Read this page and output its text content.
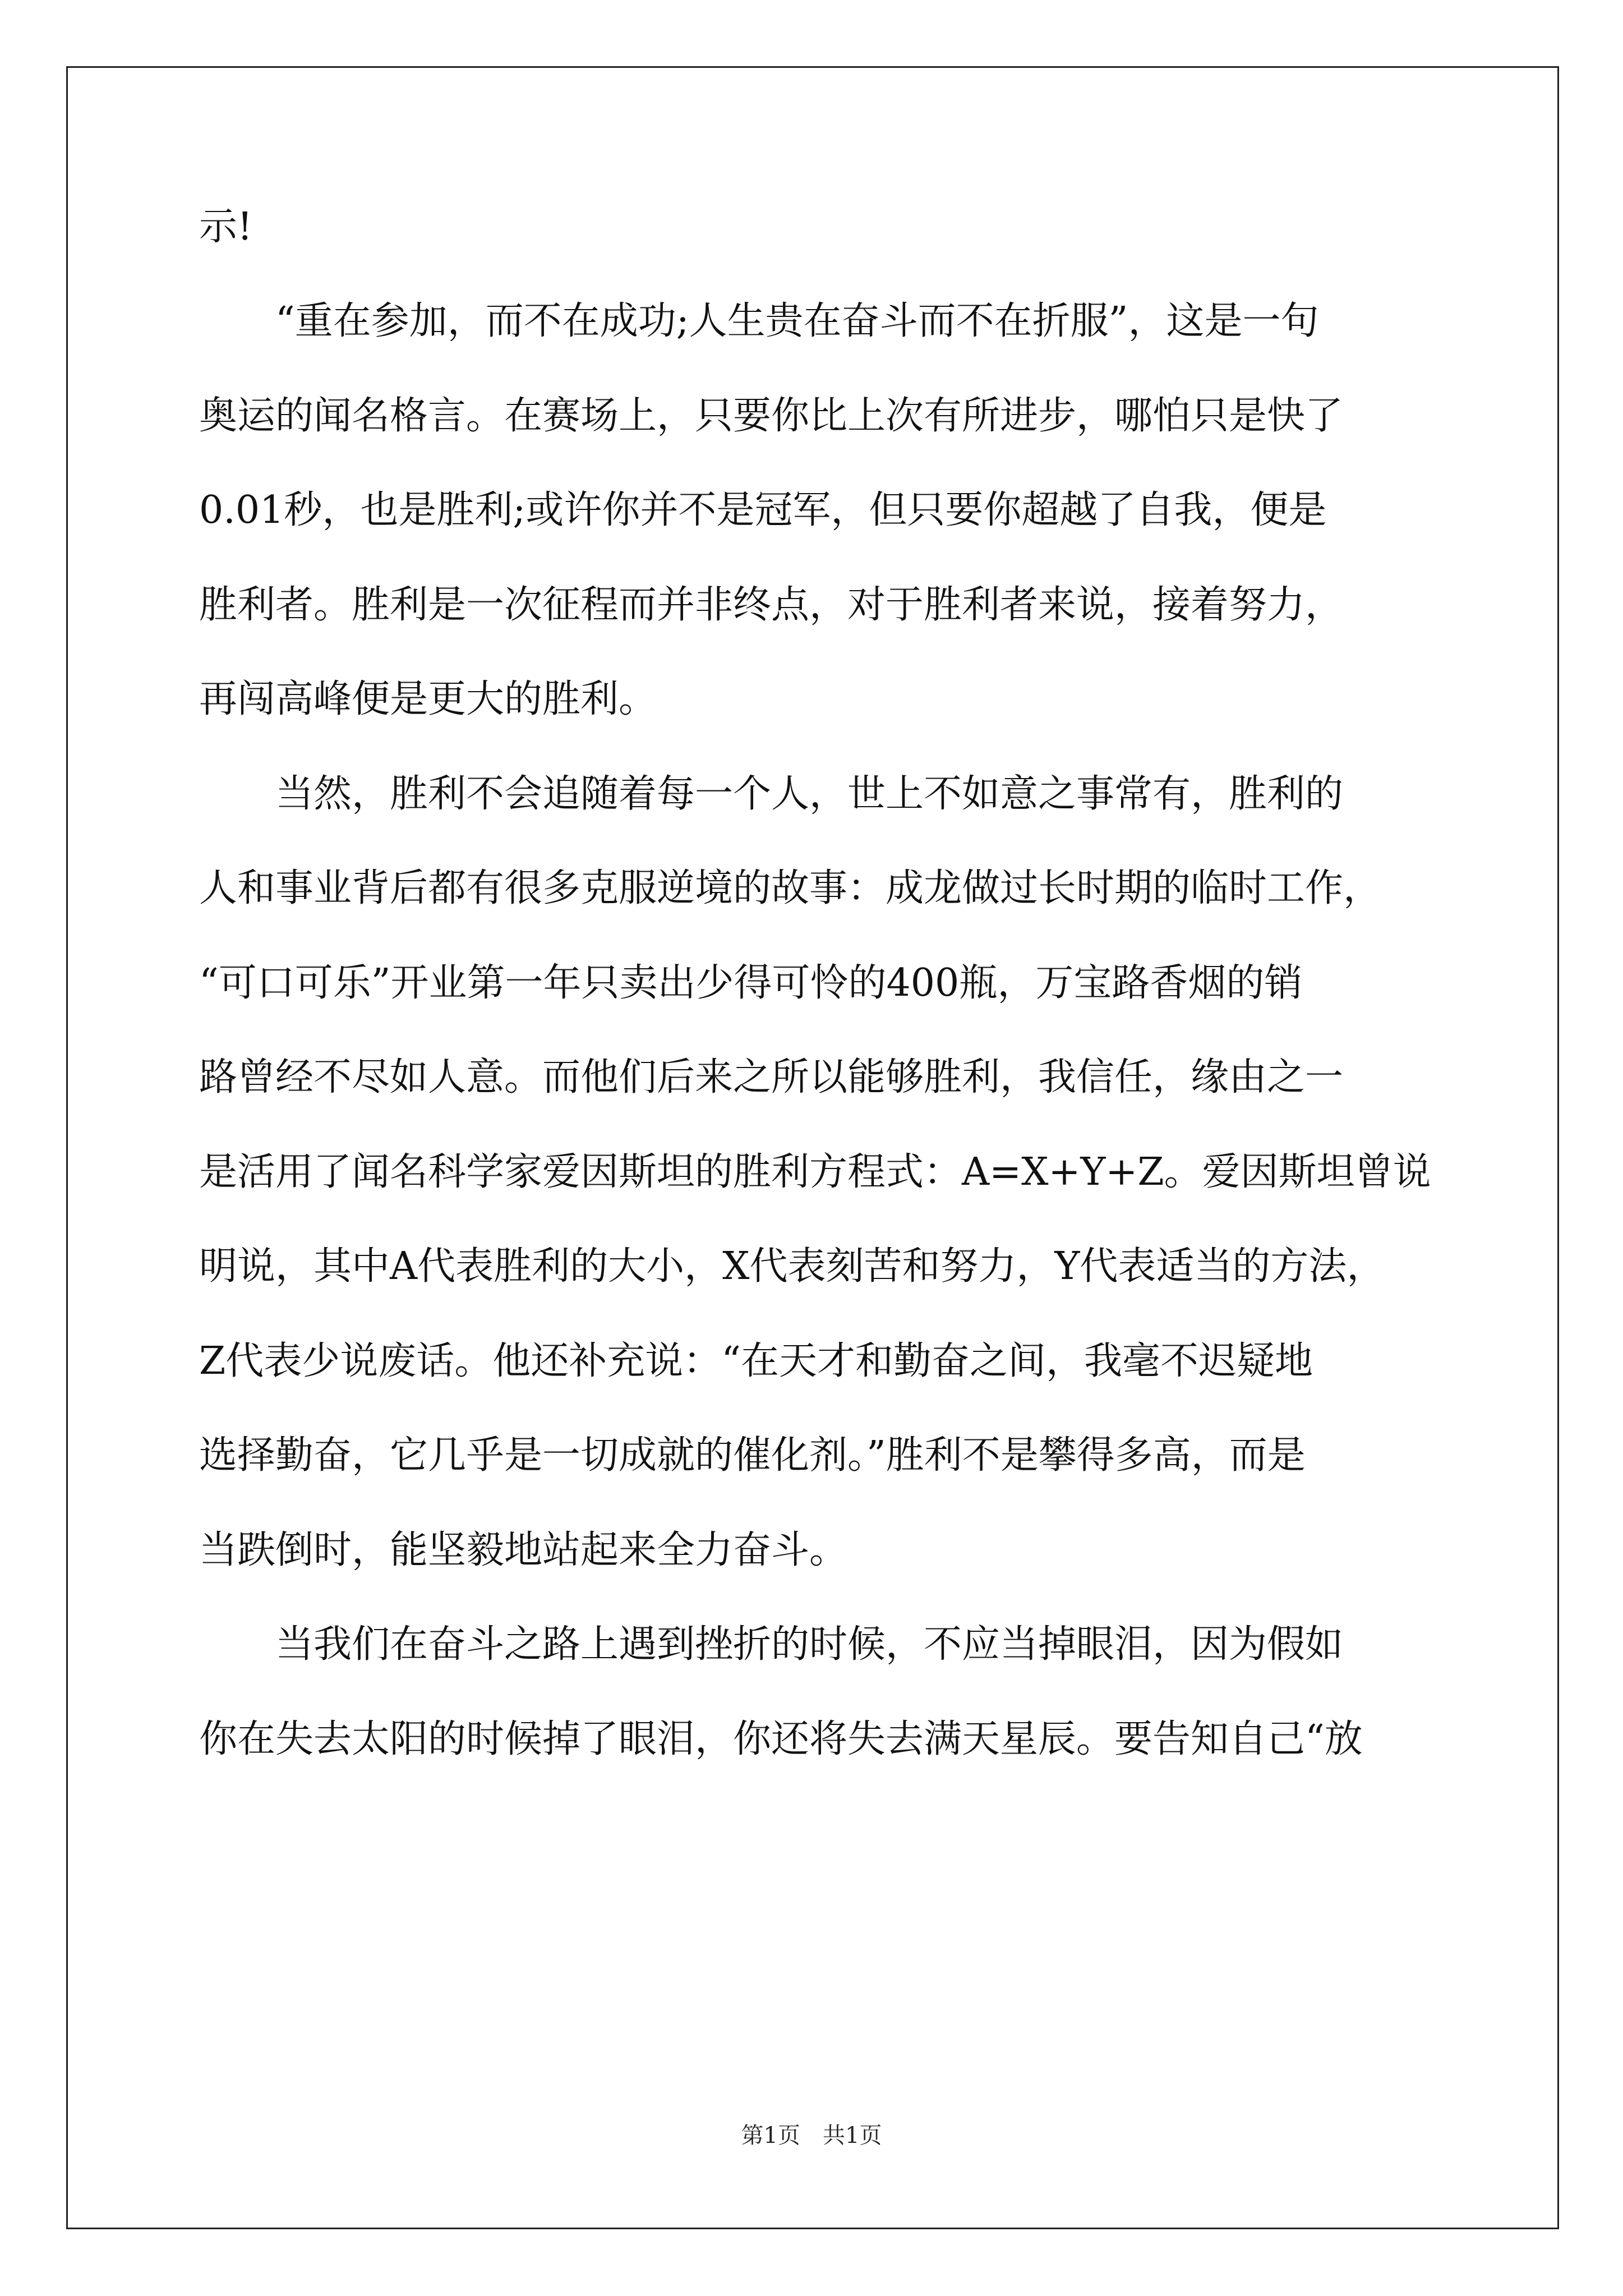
示!
　　“重在参加，而不在成功;人生贵在奋斗而不在折服”，这是一句
奥运的闻名格言。在赛场上，只要你比上次有所进步，哪怕只是快了
0.01秒，也是胜利;或许你并不是冠军，但只要你超越了自我，便是
胜利者。胜利是一次征程而并非终点，对于胜利者来说，接着努力，
再闯高峰便是更大的胜利。
　　当然，胜利不会追随着每一个人，世上不如意之事常有，胜利的
人和事业背后都有很多克服逆境的故事：成龙做过长时期的临时工作，
“可口可乐”开业第一年只卖出少得可怜的400瓶，万宝路香烟的销
路曾经不尽如人意。而他们后来之所以能够胜利，我信任，缘由之一
是活用了闻名科学家爱因斯坦的胜利方程式：A=X+Y+Z。爱因斯坦曾说
明说，其中A代表胜利的大小，X代表刻苦和努力，Y代表适当的方法，
Z代表少说废话。他还补充说：“在天才和勤奋之间，我毫不迟疑地
选择勤奋，它几乎是一切成就的催化剂。”胜利不是攀得多高，而是
当跌倒时，能坚毅地站起来全力奋斗。
　　当我们在奋斗之路上遇到挫折的时候，不应当掉眼泪，因为假如
你在失去太阳的时候掉了眼泪，你还将失去满天星辰。要告知自己“放
第1页　共1页
